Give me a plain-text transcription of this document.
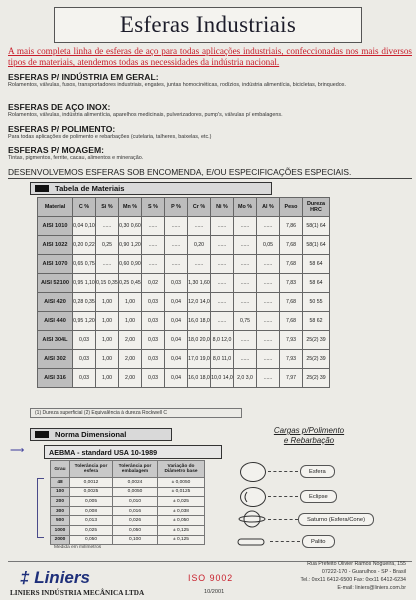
Esferas Industriais
A mais completa linha de esferas de aço para todas aplicações industriais, confeccionadas nos mais diversos tipos de materiais, atendemos todas as necessidades da indústria nacional.
ESFERAS P/ INDÚSTRIA EM GERAL:
Rolamentos, válvulas, fusos, transportadores industriais, engates, juntas homocinéticas, rodízios, indústria alimentícia, bicicletas, brinquedos.
ESFERAS DE AÇO INOX:
Rolamentos, válvulas, indústria alimentícia, aparelhos medicinais, pulverizadores, pump's, válvulas p/ embalagens.
ESFERAS P/ POLIMENTO:
Para todas aplicações de polimento e rebarbações (cutelaria, talheres, baixelas, etc.)
ESFERAS P/ MOAGEM:
Tintas, pigmentos, ferrite, cacau, alimentos e mineração.
DESENVOLVEMOS ESFERAS SOB ENCOMENDA, E/OU ESPECIFICAÇÕES ESPECIAIS.
Tabela de Materiais
Material	C %	Si %	Mn %	S %	P %	Cr %	Ni %	Mo %	Al %	Peso	Dureza HRC
AISI 1010	0,04 0,10	......	0,30 0,60	......	......	......	......	......	......	7,86	58(1) 64
AISI 1022	0,20 0,22	0,25	0,90 1,20	......	......	0,20	......	......	0,05	7,68	58(1) 64
AISI 1070	0,65 0,75	......	0,60 0,90	......	......	......	......	......	......	7,68	58 64
AISI 52100	0,95 1,10	0,15 0,35	0,25 0,45	0,02	0,03	1,30 1,60	......	......	......	7,83	58 64
AISI 420	0,28 0,35	1,00	1,00	0,03	0,04	12,0 14,0	......	......	......	7,68	50 55
AISI 440	0,95 1,20	1,00	1,00	0,03	0,04	16,0 18,0	......	0,75	......	7,68	58 62
AISI 304L	0,03	1,00	2,00	0,03	0,04	18,0 20,0	8,0 12,0	......	......	7,93	25(2) 39
AISI 302	0,03	1,00	2,00	0,03	0,04	17,0 19,0	8,0 11,0	......	......	7,93	25(2) 39
AISI 316	0,03	1,00	2,00	0,03	0,04	16,0 18,0	10,0 14,0	2,0 3,0	......	7,97	25(2) 39
(1) Dureza superficial (2) Equivalência à dureza Rockwell C
Norma Dimensional
⟶	AEBMA - standard USA 10-1989
Grau	Tolerância por esfera	Tolerância por embalagem	Variação do Diâmetro base
48	0,0012	0,0024	± 0,0050
100	0,0025	0,0050	± 0,0125
200	0,005	0,010	± 0,025
300	0,008	0,016	± 0,038
500	0,013	0,026	± 0,050
1000	0,025	0,050	± 0,125
2000	0,050	0,100	± 0,125
Medida em milímetros
Cargas p/Polimento
e Rebarbação
Esfera
Eclipse
Saturno (Esfera/Cone)
Palito
‡ Liniers
LINIERS INDÚSTRIA MECÂNICA LTDA
ISO 9002
10/2001
Rua Prefeito Olivier Ramos Nogueira, 155
07222-170 - Guarulhos - SP - Brasil
Tel.: 0xx11 6412-6500 Fax: 0xx11 6412-6234
E-mail: liniers@liniers.com.br
